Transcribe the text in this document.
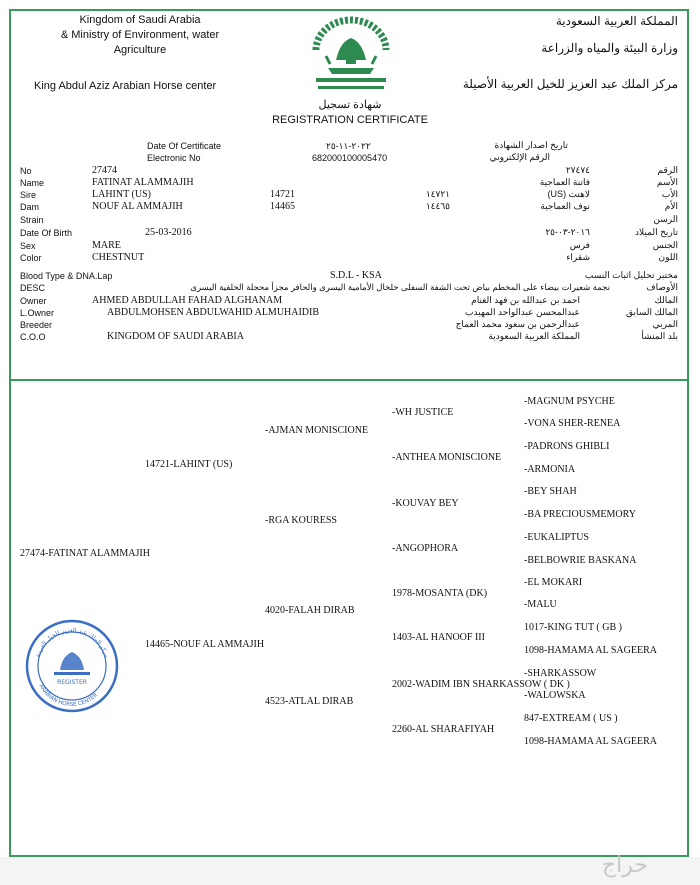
Kingdom of Saudi Arabia
& Ministry of Environment, water
Agriculture
King Abdul Aziz Arabian Horse center
المملكة العربية السعودية
وزارة البيئة والمياه والزراعة
مركز الملك عبد العزيز للخيل العربية الأصيلة
شهادة تسجيل
REGISTRATION CERTIFICATE
Date Of Certificate	٢٠٢٢-١١-٢٥	تاريخ اصدار الشهادة
Electronic No	682000100005470	الرقم الإلكتروني
No	27474	٢٧٤٧٤	الرقم
Name	FATINAT ALAMMAJIH	فاتنة العماجية	الأسم
Sire	LAHINT (US)	14721	١٤٧٢١	لاهنت (US)	الأب
Dam	NOUF AL AMMAJIH	14465	١٤٤٦٥	نوف العماجية	الأم
Strain	الرسن
Date Of Birth	25-03-2016	٢٠١٦-٠٣-٢٥	تاريخ الميلاد
Sex	MARE	فرس	الجنس
Color	CHESTNUT	شقراء	اللون
Blood Type & DNA.Lap	S.D.L - KSA	مختبر تحليل اثبات النسب
DESC	نجمة شعيرات بيضاء على المخطم بياض تحت الشفة السفلى خلخال الأمامية اليسرى والحافر مجزأ محجلة الخلفية اليسرى	الأوصاف
Owner	AHMED ABDULLAH FAHAD ALGHANAM	احمد بن عبدالله بن فهد الغنام	المالك
L.Owner	ABDULMOHSEN ABDULWAHID ALMUHAIDIB	عبدالمحسن عبدالواحد المهيدب	المالك السابق
Breeder	عبدالرحمن بن سعود محمد العماج	المربي
C.O.O	KINGDOM OF SAUDI ARABIA	المملكة العربية السعودية	بلد المنشأ
27474-FATINAT ALAMMAJIH
14721-LAHINT (US)
14465-NOUF AL AMMAJIH
-AJMAN MONISCIONE
-RGA KOURESS
4020-FALAH DIRAB
4523-ATLAL DIRAB
-WH JUSTICE
-ANTHEA MONISCIONE
-KOUVAY BEY
-ANGOPHORA
1978-MOSANTA (DK)
1403-AL HANOOF III
2002-WADIM IBN SHARKASSOW ( DK )
2260-AL SHARAFIYAH
-MAGNUM PSYCHE
-VONA SHER-RENEA
-PADRONS GHIBLI
-ARMONIA
-BEY SHAH
-BA PRECIOUSMEMORY
-EUKALIPTUS
-BELBOWRIE BASKANA
-EL MOKARI
-MALU
1017-KING TUT ( GB )
1098-HAMAMA AL SAGEERA
-SHARKASSOW
-WALOWSKA
847-EXTREAM ( US )
1098-HAMAMA AL SAGEERA
مركز الملك عبد العزيز للخيل العربية
ARABIAN HORSE CENTER
REGISTER
حراج
